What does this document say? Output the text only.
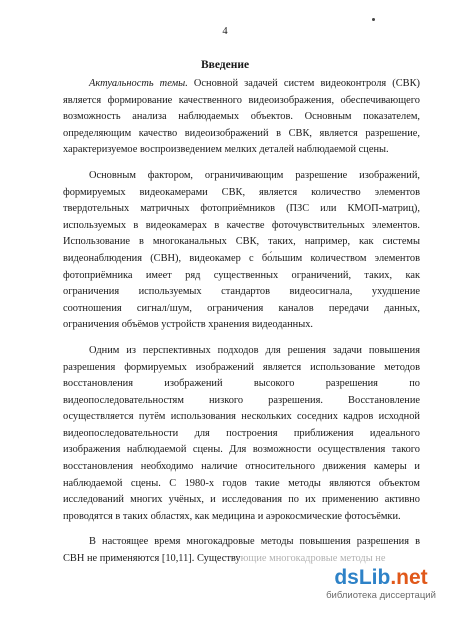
4
Введение
Актуальность темы. Основной задачей систем видеоконтроля (СВК)
является формирование качественного видеоизображения, обеспечивающего
возможность анализа наблюдаемых объектов. Основным показателем,
определяющим качество видеоизображений в СВК, является разрешение,
характеризуемое воспроизведением мелких деталей наблюдаемой сцены.
Основным фактором, ограничивающим разрешение изображений,
формируемых видеокамерами СВК, является количество элементов
твердотельных матричных фотоприёмников (ПЗС или КМОП-матриц),
используемых в видеокамерах в качестве фоточувствительных элементов.
Использование в многоканальных СВК, таких, например, как системы
видеонаблюдения (СВН), видеокамер с бо́льшим количеством элементов
фотоприёмника имеет ряд существенных ограничений, таких, как
ограничения используемых стандартов видеосигнала, ухудшение
соотношения сигнал/шум, ограничения каналов передачи данных,
ограничения объёмов устройств хранения видеоданных.
Одним из перспективных подходов для решения задачи повышения
разрешения формируемых изображений является использование методов
восстановления изображений высокого разрешения по
видеопоследовательностям низкого разрешения. Восстановление
осуществляется путём использования нескольких соседних кадров исходной
видеопоследовательности для построения приближения идеального
изображения наблюдаемой сцены. Для возможности осуществления такого
восстановления необходимо наличие относительного движения камеры и
наблюдаемой сцены. С 1980-х годов такие методы являются объектом
исследований многих учёных, и исследования по их применению активно
проводятся в таких областях, как медицина и аэрокосмические фотосъёмки.
В настоящее время многокадровые методы повышения разрешения в
СВН не применяются [10,11]. Существующие многокадровые методы не
dsLib.net
библиотека диссертаций
